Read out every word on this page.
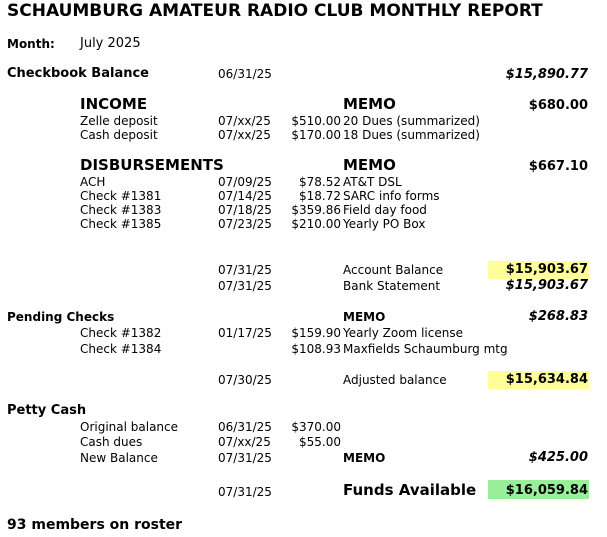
SCHAUMBURG AMATEUR RADIO CLUB MONTHLY REPORT
Month: July 2025
Checkbook Balance	06/31/25	$15,890.77
INCOME	MEMO	$680.00
Zelle deposit	07/xx/25 $510.00 20 Dues (summarized)
Cash deposit	07/xx/25 $170.00 18 Dues (summarized)
DISBURSEMENTS	MEMO	$667.10
ACH	07/09/25 $78.52 AT&T DSL
Check #1381	07/14/25 $18.72 SARC info forms
Check #1383	07/18/25 $359.86 Field day food
Check #1385	07/23/25 $210.00 Yearly PO Box
07/31/25	Account Balance	$15,903.67
07/31/25	Bank Statement	$15,903.67
Pending Checks	MEMO	$268.83
Check #1382	01/17/25 $159.90 Yearly Zoom license
Check #1384	$108.93 Maxfields Schaumburg mtg
07/30/25	Adjusted balance	$15,634.84
Petty Cash
Original balance	06/31/25 $370.00
Cash dues	07/xx/25 $55.00
New Balance	07/31/25	MEMO	$425.00
07/31/25	Funds Available $16,059.84
93 members on roster
